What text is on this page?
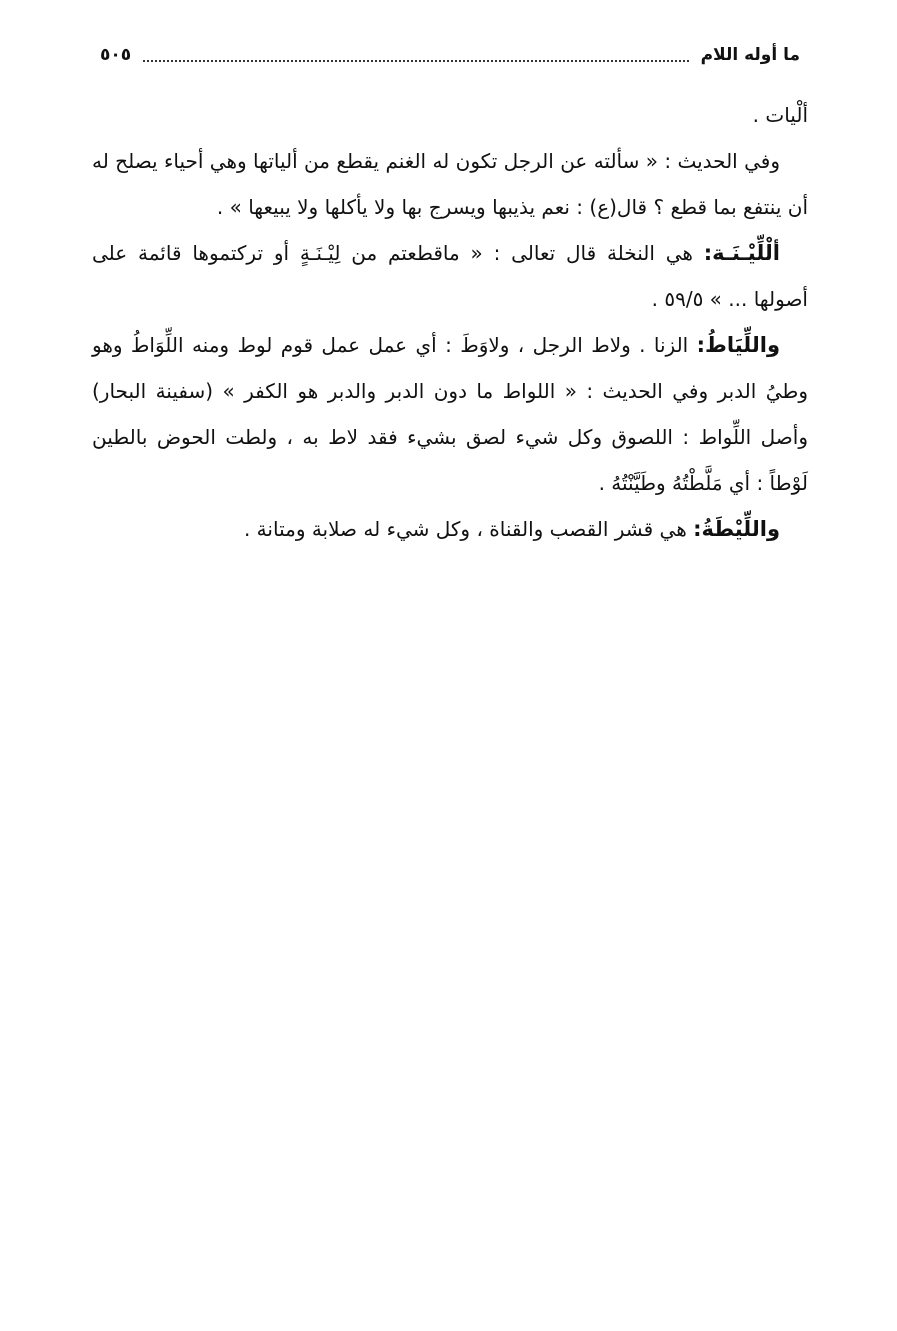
ما أوله اللام
٥٠٥

ألْيات .

وفي الحديث : « سألته عن الرجل تكون له الغنم يقطع من ألياتها وهي أحياء يصلح له أن ينتفع بما قطع ؟ قال(ع) : نعم يذيبها ويسرج بها ولا يأكلها ولا يبيعها » .

ألْلِّيْـنَـة: هي النخلة قال تعالى : « ماقطعتم من لِيْـنَـةٍ أو تركتموها قائمة على أصولها ... » ٥٩/٥ .

واللِّيَاطُ: الزنا . ولاط الرجل ، ولاوَطَ : أي عمل عمل قوم لوط ومنه اللِّوَاطُ وهو وطيُ الدبر وفي الحديث : « اللواط ما دون الدبر والدبر هو الكفر » (سفينة البحار) وأصل اللِّواط : اللصوق وكل شيء لصق بشيء فقد لاط به ، ولطت الحوض بالطين لَوْطاً : أي مَلَّطْتُهُ وطَيَّنْتُهُ .

واللِّيْطَةُ: هي قشر القصب والقناة ، وكل شيء له صلابة ومتانة .
